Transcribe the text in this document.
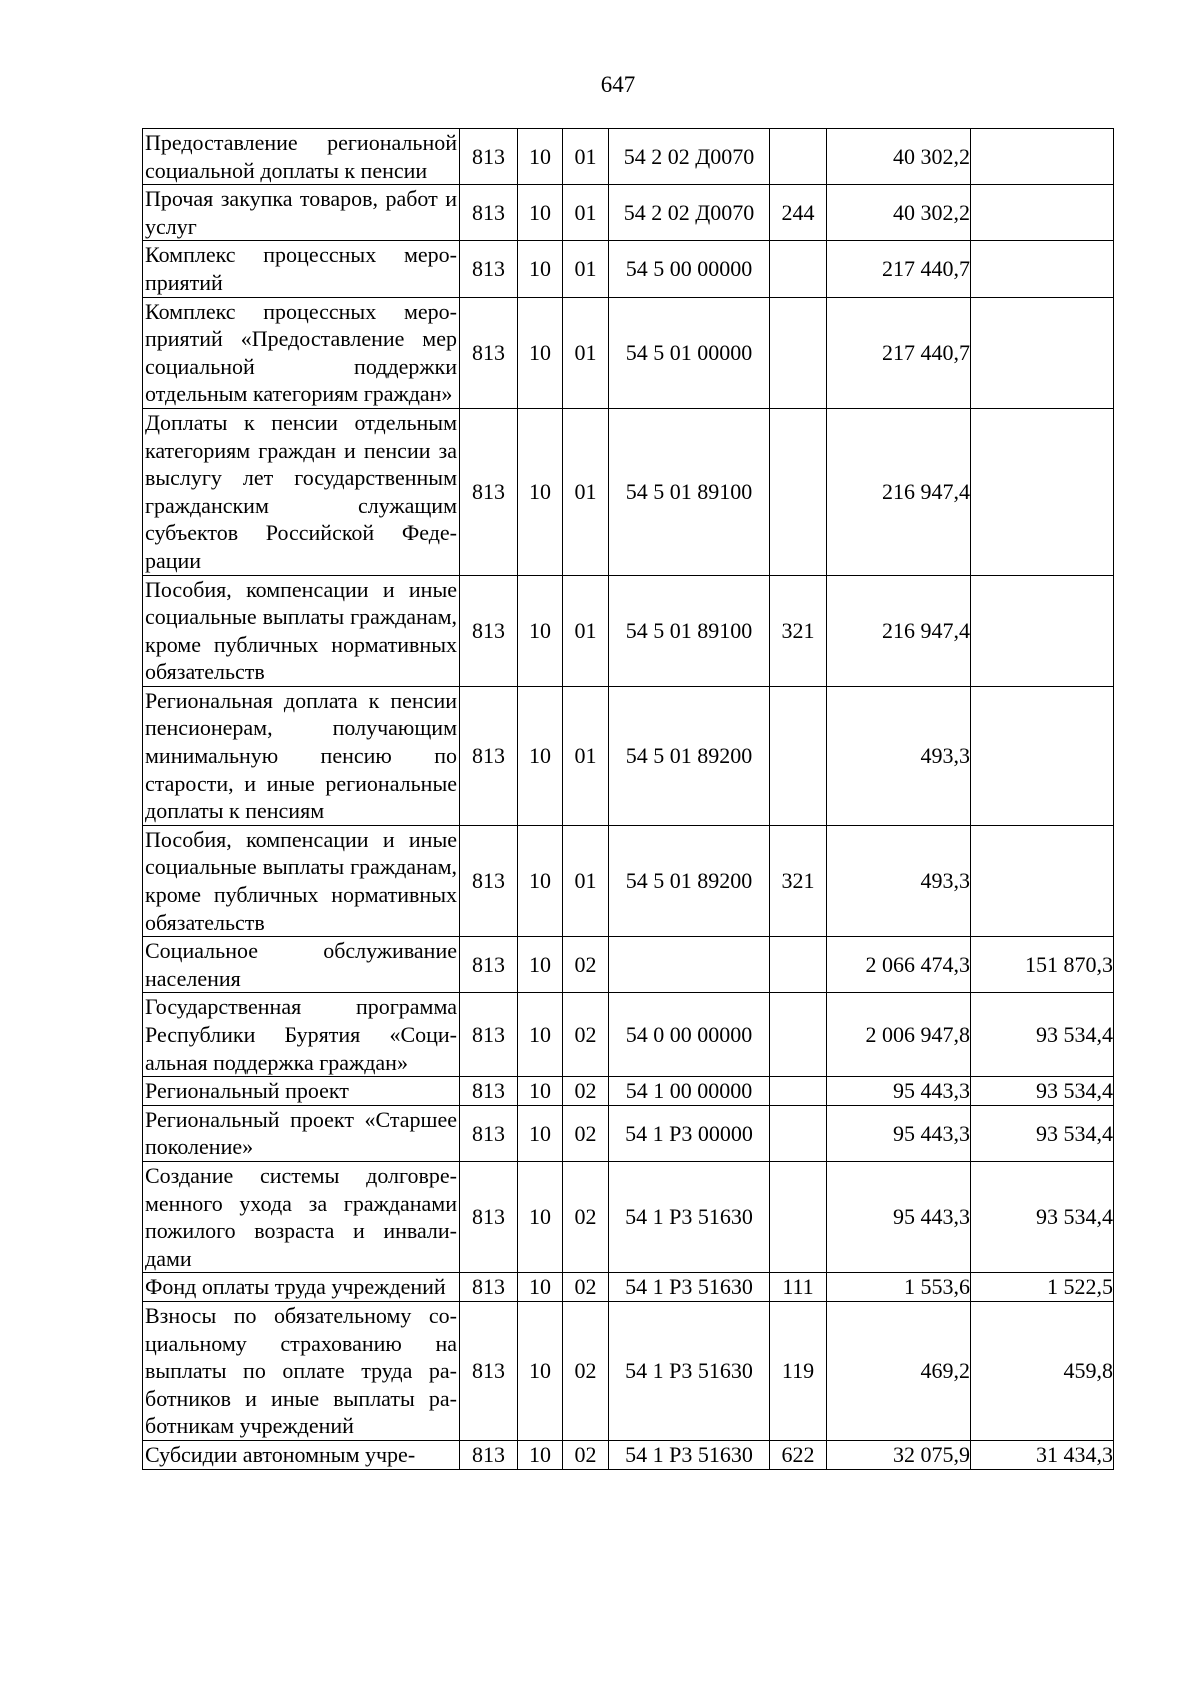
647
Предоставление региональной социальной доплаты к пенсии	813	10	01	54 2 02 Д0070		40 302,2	
Прочая закупка товаров, работ и услуг	813	10	01	54 2 02 Д0070	244	40 302,2	
Комплекс процессных мероприятий	813	10	01	54 5 00 00000		217 440,7	
Комплекс процессных мероприятий «Предоставление мер социальной поддержки отдельным категориям граждан»	813	10	01	54 5 01 00000		217 440,7	
Доплаты к пенсии отдельным категориям граждан и пенсии за выслугу лет государственным гражданским служащим субъектов Российской Федерации	813	10	01	54 5 01 89100		216 947,4	
Пособия, компенсации и иные социальные выплаты гражданам, кроме публичных нормативных обязательств	813	10	01	54 5 01 89100	321	216 947,4	
Региональная доплата к пенсии пенсионерам, получающим минимальную пенсию по старости, и иные региональные доплаты к пенсиям	813	10	01	54 5 01 89200		493,3	
Пособия, компенсации и иные социальные выплаты гражданам, кроме публичных нормативных обязательств	813	10	01	54 5 01 89200	321	493,3	
Социальное обслуживание населения	813	10	02			2 066 474,3	151 870,3
Государственная программа Республики Бурятия «Социальная поддержка граждан»	813	10	02	54 0 00 00000		2 006 947,8	93 534,4
Региональный проект	813	10	02	54 1 00 00000		95 443,3	93 534,4
Региональный проект «Старшее поколение»	813	10	02	54 1 P3 00000		95 443,3	93 534,4
Создание системы долговременного ухода за гражданами пожилого возраста и инвалидами	813	10	02	54 1 P3 51630		95 443,3	93 534,4
Фонд оплаты труда учреждений	813	10	02	54 1 P3 51630	111	1 553,6	1 522,5
Взносы по обязательному социальному страхованию на выплаты по оплате труда работников и иные выплаты работникам учреждений	813	10	02	54 1 P3 51630	119	469,2	459,8
Субсидии автономным учре-	813	10	02	54 1 P3 51630	622	32 075,9	31 434,3
